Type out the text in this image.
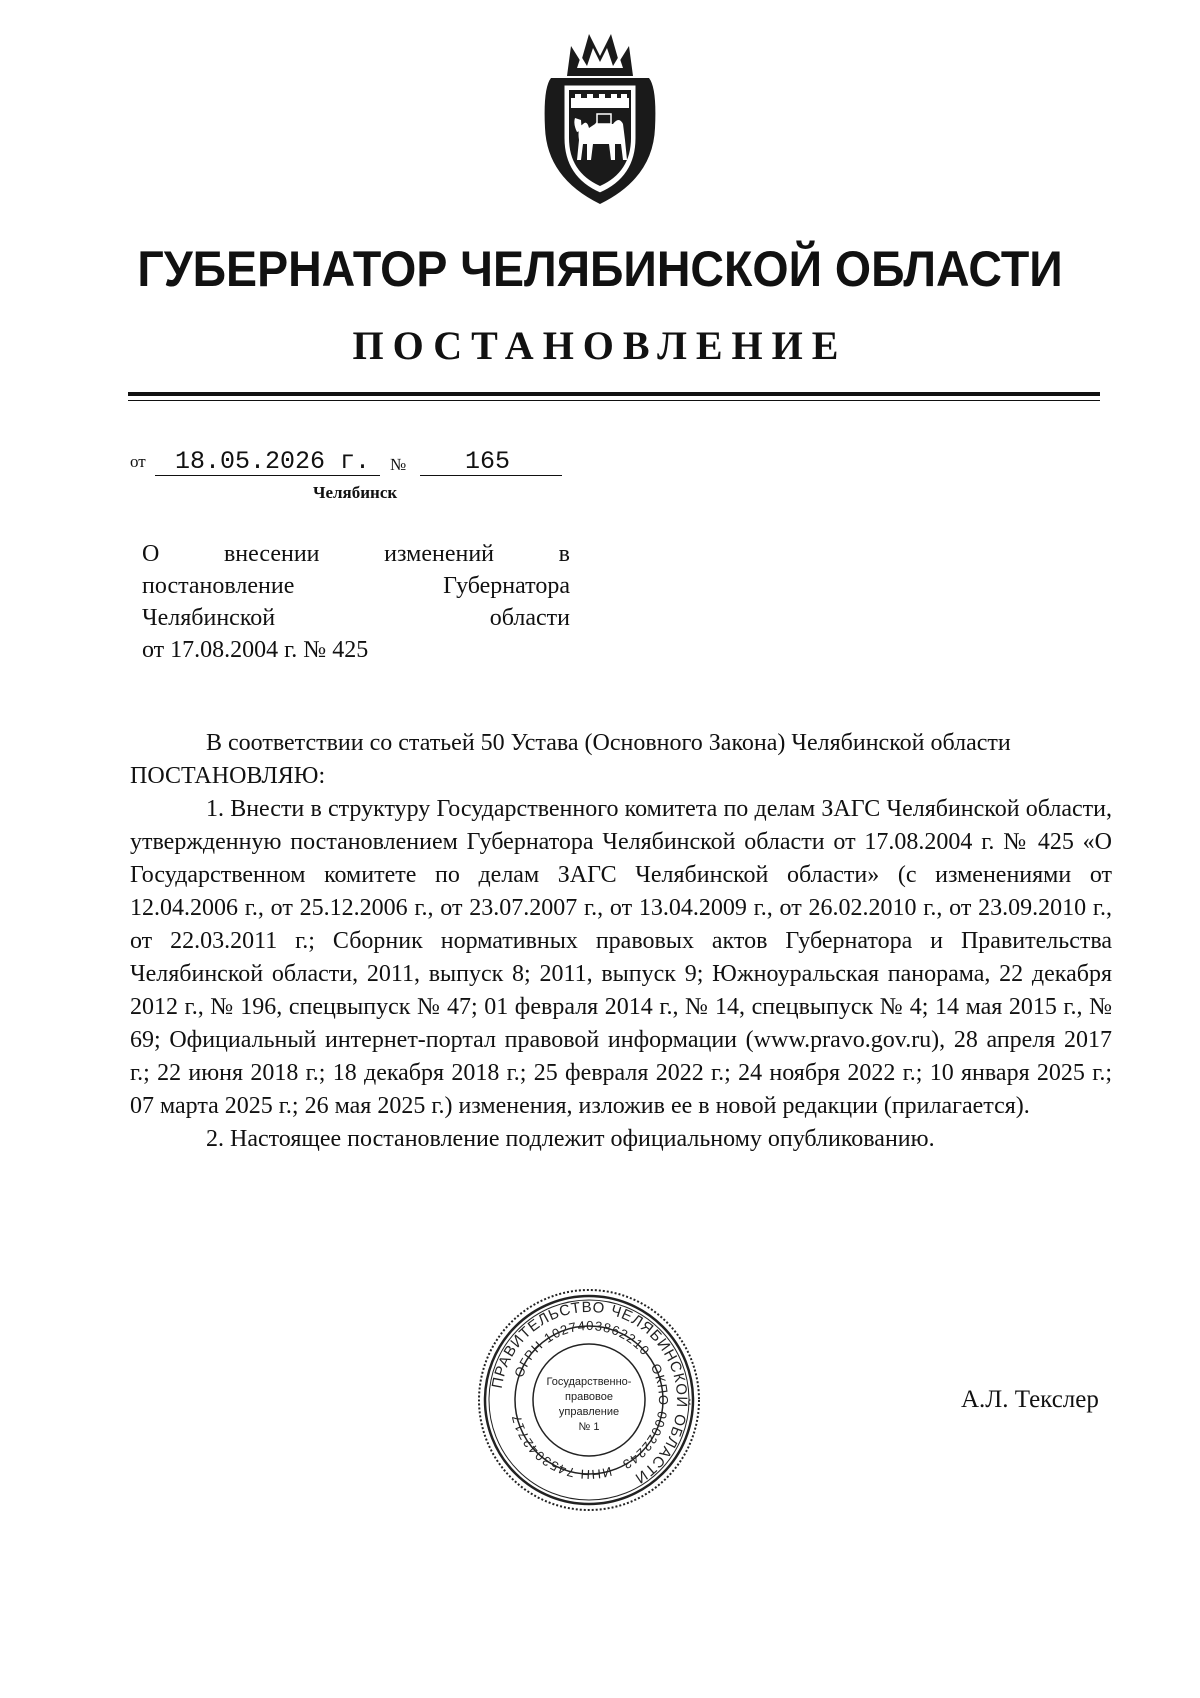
ГУБЕРНАТОР ЧЕЛЯБИНСКОЙ ОБЛАСТИ
ПОСТАНОВЛЕНИЕ
от	18.05.2026 г.	№	165
Челябинск
О внесении изменений в
постановление Губернатора
Челябинской области
от 17.08.2004 г. № 425

В соответствии со статьей 50 Устава (Основного Закона) Челябинской области

ПОСТАНОВЛЯЮ:

1. Внести в структуру Государственного комитета по делам ЗАГС Челябинской области, утвержденную постановлением Губернатора Челябинской области от 17.08.2004 г. № 425 «О Государственном комитете по делам ЗАГС Челябинской области» (с изменениями от 12.04.2006 г., от 25.12.2006 г., от 23.07.2007 г., от 13.04.2009 г., от 26.02.2010 г., от 23.09.2010 г., от 22.03.2011 г.; Сборник нормативных правовых актов Губернатора и Правительства Челябинской области, 2011, выпуск 8; 2011, выпуск 9; Южноуральская панорама, 22 декабря 2012 г., № 196, спецвыпуск № 47; 01 февраля 2014 г., № 14, спецвыпуск № 4; 14 мая 2015 г., № 69; Официальный интернет-портал правовой информации (www.pravo.gov.ru), 28 апреля 2017 г.; 22 июня 2018 г.; 18 декабря 2018 г.; 25 февраля 2022 г.; 24 ноября 2022 г.; 10 января 2025 г.; 07 марта 2025 г.; 26 мая 2025 г.) изменения, изложив ее в новой редакции (прилагается).

2. Настоящее постановление подлежит официальному опубликованию.

ПРАВИТЕЛЬСТВО ЧЕЛЯБИНСКОЙ ОБЛАСТИ
ОГРН 1027403862210
ОКПО 00022243
ИНН 7453042717
Государственно-
правовое
управление
№ 1
А.Л. Текслер
